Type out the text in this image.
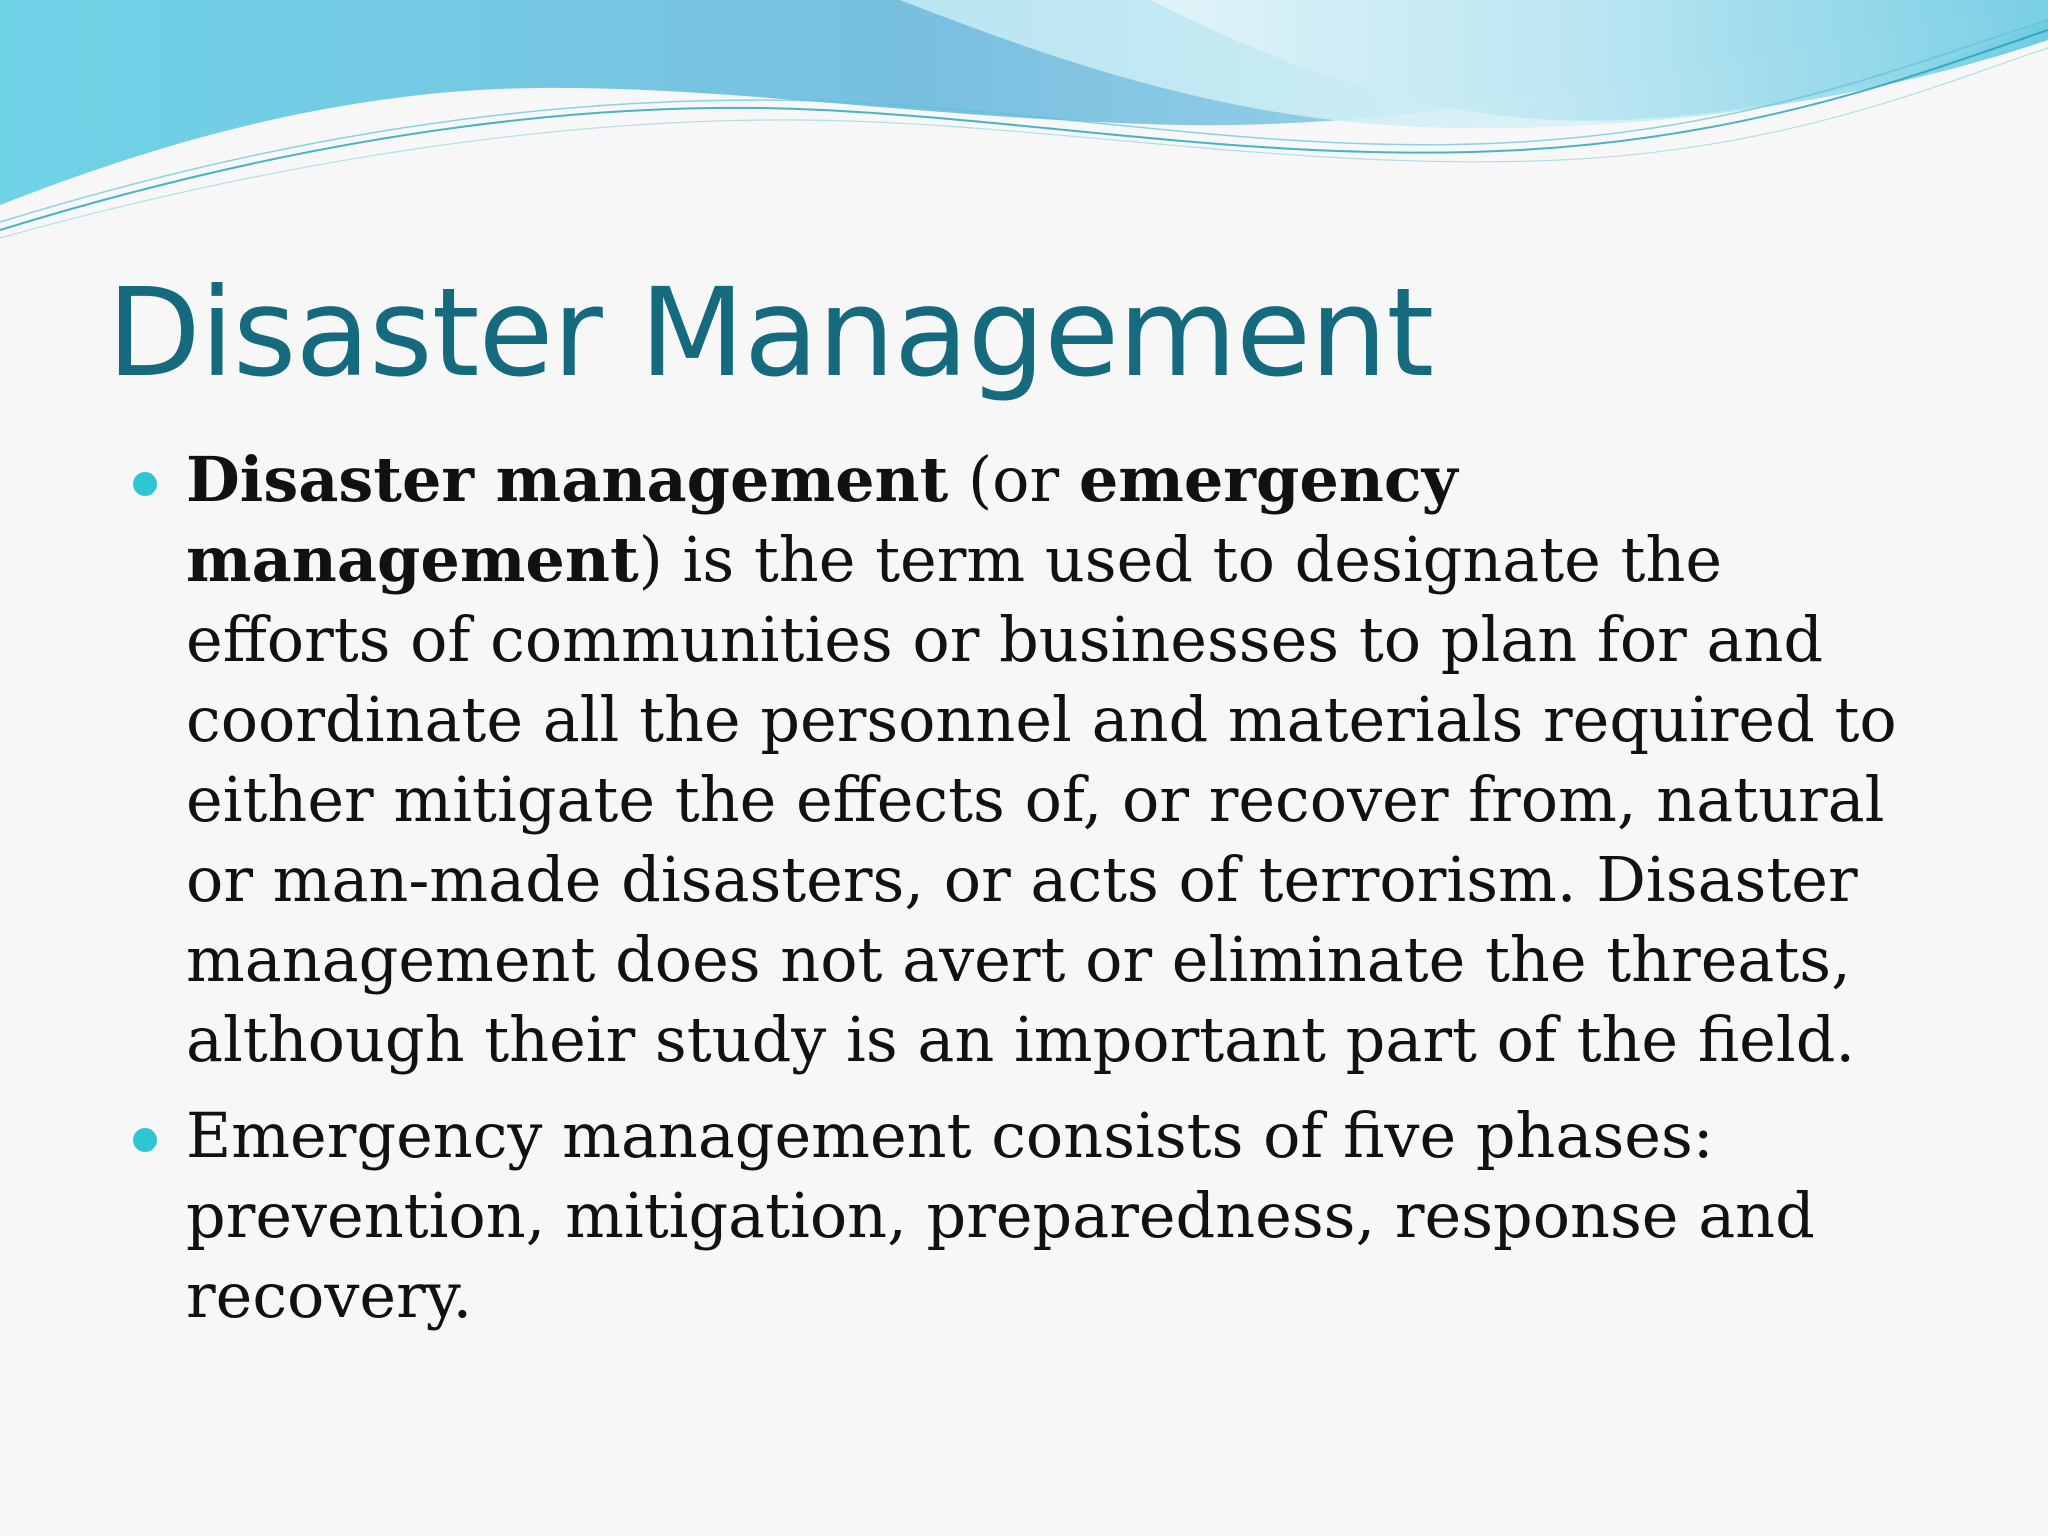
Disaster Management
Disaster management (or emergency management) is the term used to designate the efforts of communities or businesses to plan for and coordinate all the personnel and materials required to either mitigate the effects of, or recover from, natural or man-made disasters, or acts of terrorism. Disaster management does not avert or eliminate the threats, although their study is an important part of the field.
Emergency management consists of five phases: prevention, mitigation, preparedness, response and recovery.
